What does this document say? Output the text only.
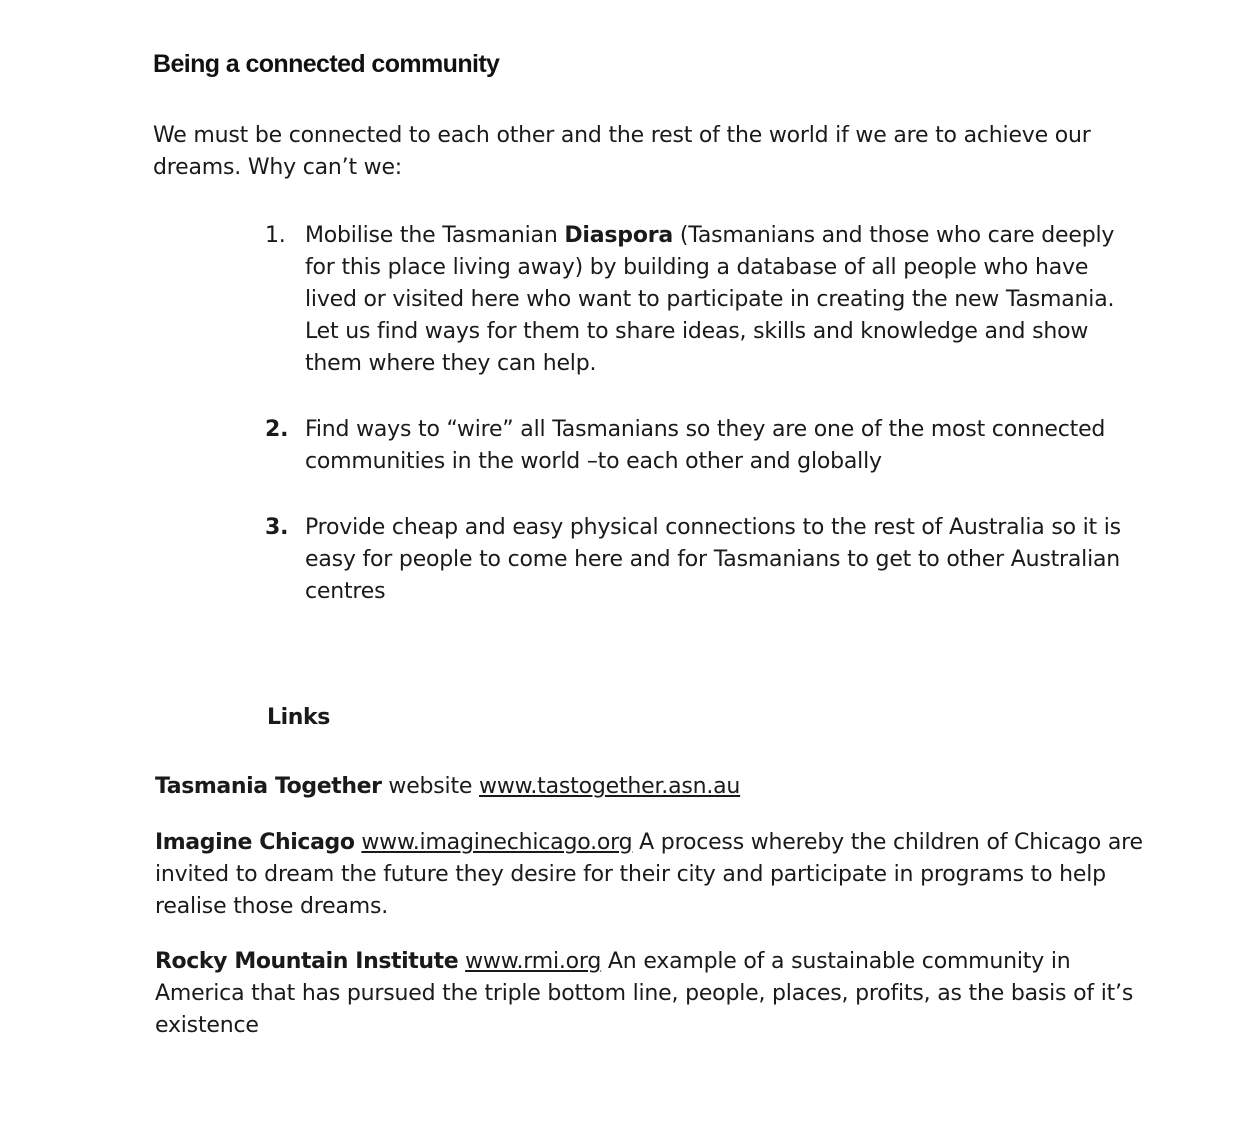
Being a connected community

We must be connected to each other and the rest of the world if we are to achieve our dreams. Why can’t we:

1. Mobilise the Tasmanian Diaspora (Tasmanians and those who care deeply for this place living away) by building a database of all people who have lived or visited here who want to participate in creating the new Tasmania. Let us find ways for them to share ideas, skills and knowledge and show them where they can help.
2. Find ways to “wire” all Tasmanians so they are one of the most connected communities in the world –to each other and globally
3. Provide cheap and easy physical connections to the rest of Australia so it is easy for people to come here and for Tasmanians to get to other Australian centres
Links

Tasmania Together website www.tastogether.asn.au

Imagine Chicago www.imaginechicago.org A process whereby the children of Chicago are invited to dream the future they desire for their city and participate in programs to help realise those dreams.

Rocky Mountain Institute www.rmi.org An example of a sustainable community in America that has pursued the triple bottom line, people, places, profits, as the basis of it’s existence
